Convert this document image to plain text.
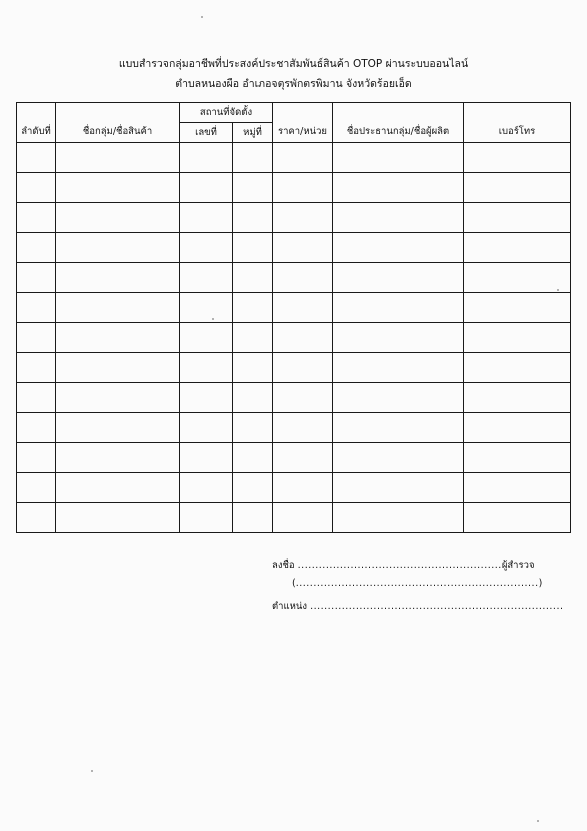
แบบสำรวจกลุ่มอาชีพที่ประสงค์ประชาสัมพันธ์สินค้า OTOP ผ่านระบบออนไลน์
ตำบลหนองผือ อำเภอจตุรพักตรพิมาน จังหวัดร้อยเอ็ด
ลำดับที่	ชื่อกลุ่ม/ชื่อสินค้า	สถานที่จัดตั้ง		ราคา/หน่วย	ชื่อประธานกลุ่ม/ชื่อผู้ผลิต	เบอร์โทร
		เลขที่	หมู่ที่			

ลงชื่อ ..........................................................ผู้สำรวจ
(.....................................................................)
ตำแหน่ง ........................................................................
